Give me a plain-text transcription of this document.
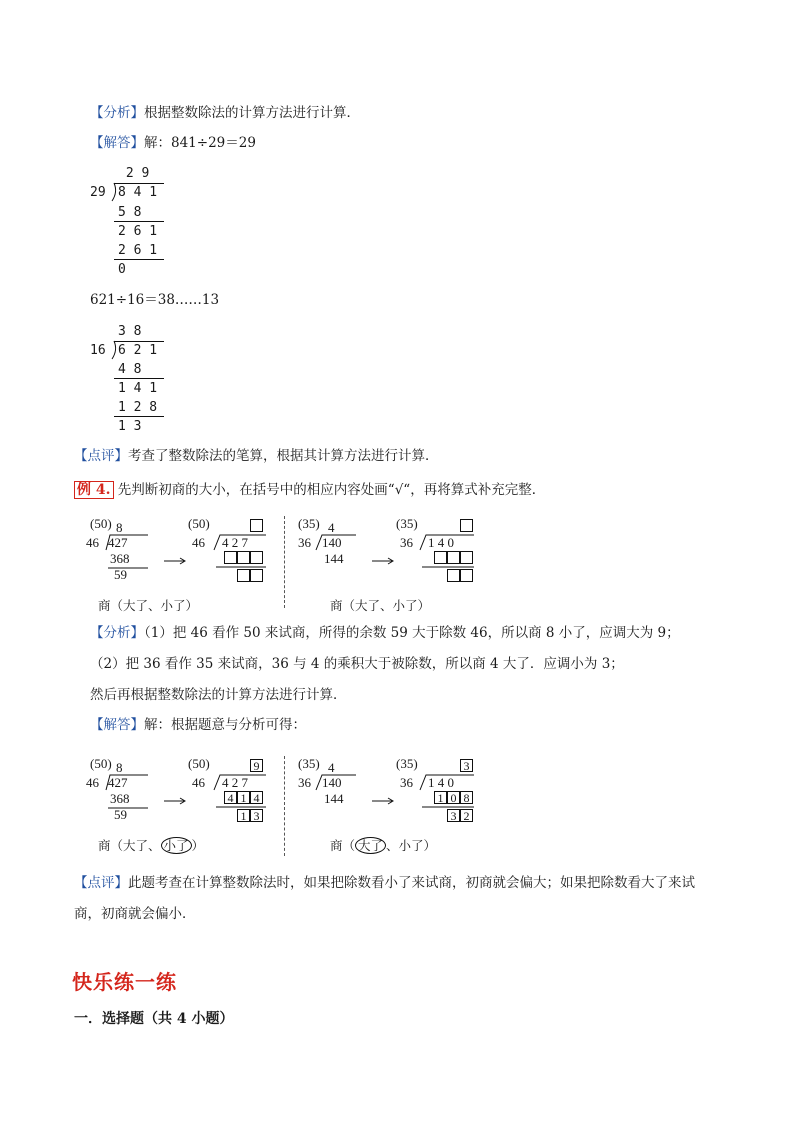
【分析】根据整数除法的计算方法进行计算．
【解答】解：841÷29＝29
2 9
29 8 4 1
5 8
2 6 1
2 6 1
0
621÷16＝38……13
3 8
16 6 2 1
4 8
1 4 1
1 2 8
1 3
【点评】考查了整数除法的笔算，根据其计算方法进行计算．
例 4. 先判断初商的大小，在括号中的相应内容处画“√“，再将算式补充完整．
(50) 8
46 427
368
59
(50)
46 4 2 7
商（大了、小了）
(35) 4
36 140
144
(35)
36 1 4 0
商（大了、小了）
【分析】（1）把 46 看作 50 来试商，所得的余数 59 大于除数 46，所以商 8 小了，应调大为 9；
（2）把 36 看作 35 来试商，36 与 4 的乘积大于被除数，所以商 4 大了．应调小为 3；
然后再根据整数除法的计算方法进行计算．
【解答】解：根据题意与分析可得：
(50) 8
46 427
368
59
(50)	9
46 4 2 7
4 1 4
1 3
商（大了、 小了 ）
(35) 4
36 140
144
(35)	3
36 1 4 0
1 0 8
3 2
商（ 大了 、小了）
【点评】此题考查在计算整数除法时，如果把除数看小了来试商，初商就会偏大；如果把除数看大了来试
商，初商就会偏小．
快乐练一练
一．选择题（共 4 小题）
